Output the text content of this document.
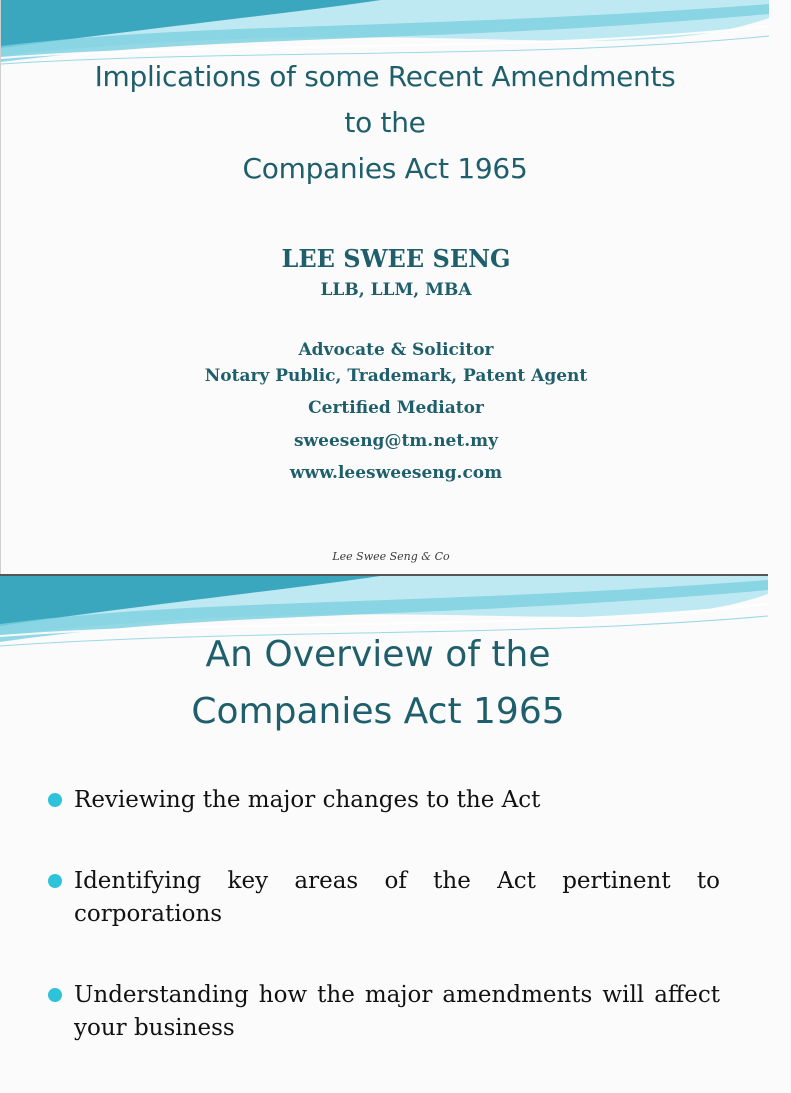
Implications of some Recent Amendments
to the
Companies Act 1965
LEE SWEE SENG
LLB, LLM, MBA
Advocate & Solicitor
Notary Public, Trademark, Patent Agent
Certified Mediator
sweeseng@tm.net.my
www.leesweeseng.com
Lee Swee Seng & Co
An Overview of the
Companies Act 1965
Reviewing the major changes to the Act
Identifying key areas of the Act pertinent to corporations
Understanding how the major amendments will affect your business
